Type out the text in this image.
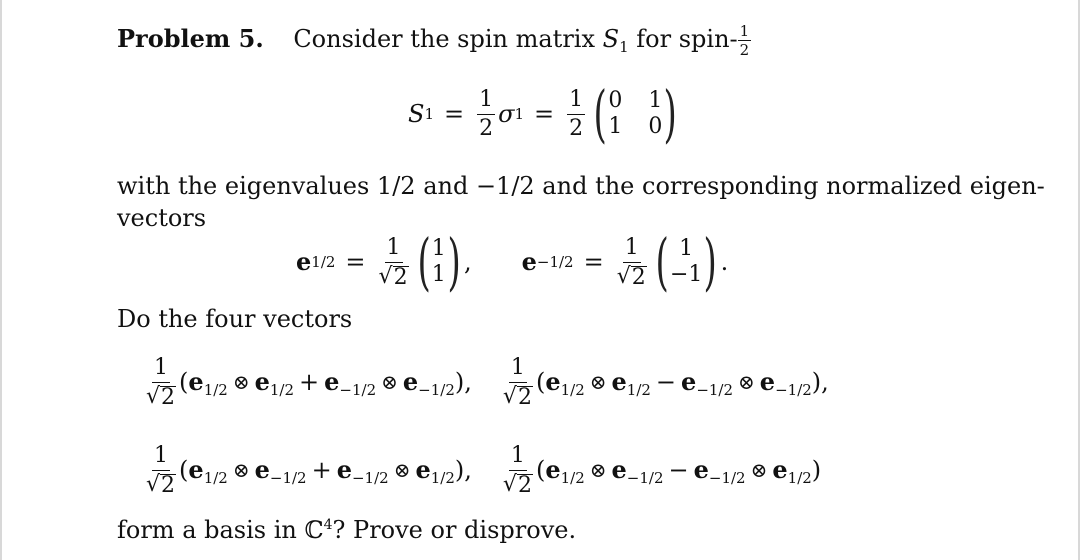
Problem 5. Consider the spin matrix $S_1$ for spin- $\frac{1}{2}$
S $1 = \frac{1}{2}$ σ $1 = \frac{1}{2}$ ( 0 1
1 0 )
with the eigenvalues 1/2 and −1/2 and the corresponding normalized eigen-
vectors
e $1/2 = \frac{1}{√ 2}$ ( 1
1 ) , $e -1/2 = \frac{1}{√ 2}$ ( 1
−1 ) .
Do the four vectors
$\frac{1}{√ 2}$ ( $e_{1/2}$ ⊗ $e_{1/2} + e_{-1/2}$ ⊗ $e_{-1/2}$ ) , $\frac{1}{√ 2}$ ( $e_{1/2}$ ⊗ $e_{1/2} - e_{-1/2}$ ⊗ $e_{-1/2}$ ) ,
$\frac{1}{√ 2}$ ( $e_{1/2}$ ⊗ $e_{-1/2} + e_{-1/2}$ ⊗ $e_{1/2}$ ) , $\frac{1}{√ 2}$ ( $e_{1/2}$ ⊗ $e_{-1/2} - e_{-1/2}$ ⊗ $e_{1/2}$ )
form a basis in ℂ$^4$? Prove or disprove.
